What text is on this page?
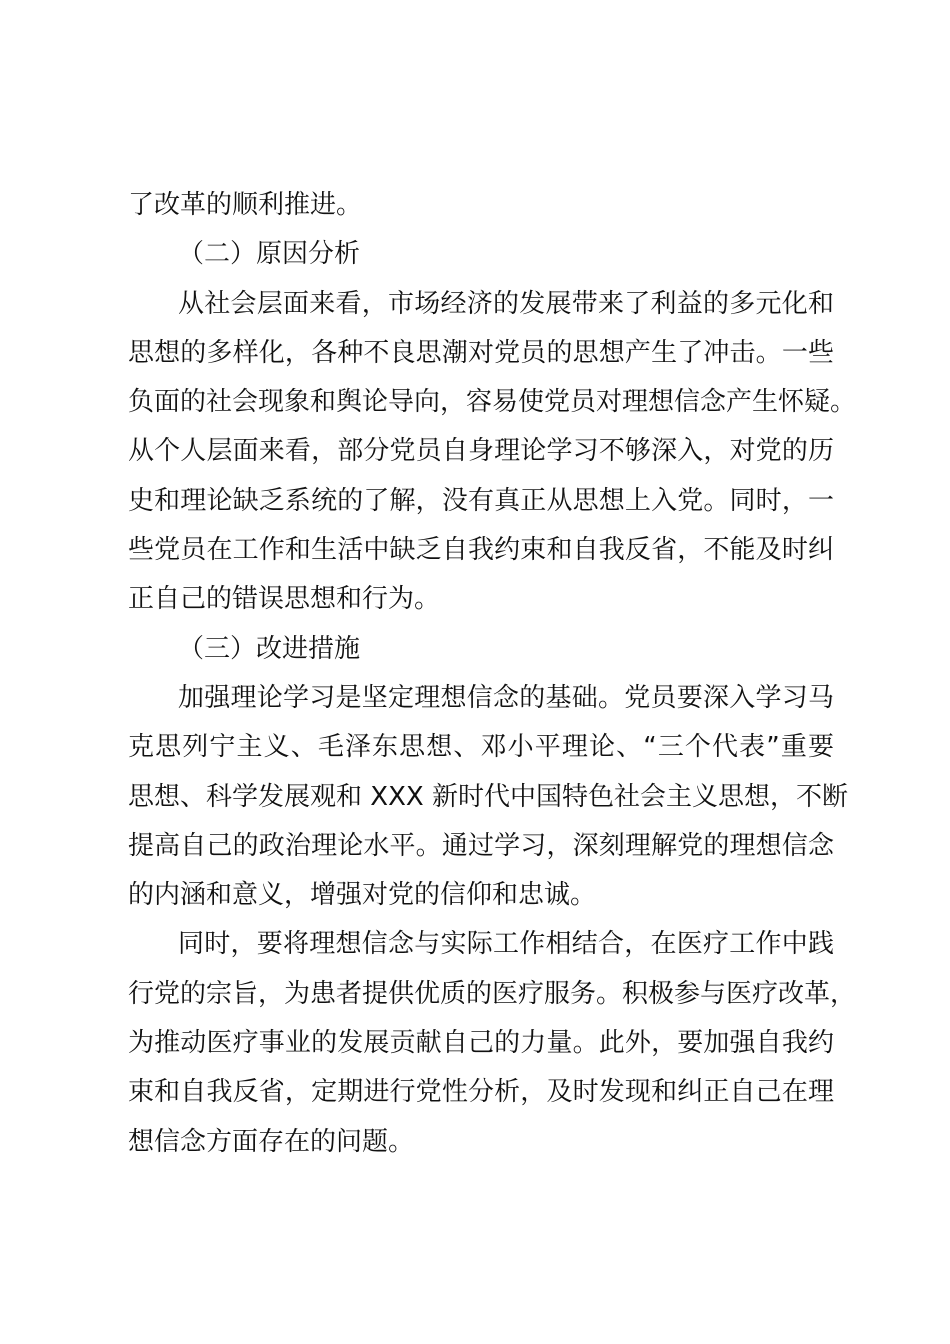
了改革的顺利推进。
（二）原因分析
从社会层面来看，市场经济的发展带来了利益的多元化和
思想的多样化，各种不良思潮对党员的思想产生了冲击。一些
负面的社会现象和舆论导向，容易使党员对理想信念产生怀疑。
从个人层面来看，部分党员自身理论学习不够深入，对党的历
史和理论缺乏系统的了解，没有真正从思想上入党。同时，一
些党员在工作和生活中缺乏自我约束和自我反省，不能及时纠
正自己的错误思想和行为。
（三）改进措施
加强理论学习是坚定理想信念的基础。党员要深入学习马
克思列宁主义、毛泽东思想、邓小平理论、“三个代表”重要
思想、科学发展观和 XXX 新时代中国特色社会主义思想，不断
提高自己的政治理论水平。通过学习，深刻理解党的理想信念
的内涵和意义，增强对党的信仰和忠诚。
同时，要将理想信念与实际工作相结合，在医疗工作中践
行党的宗旨，为患者提供优质的医疗服务。积极参与医疗改革，
为推动医疗事业的发展贡献自己的力量。此外，要加强自我约
束和自我反省，定期进行党性分析，及时发现和纠正自己在理
想信念方面存在的问题。
